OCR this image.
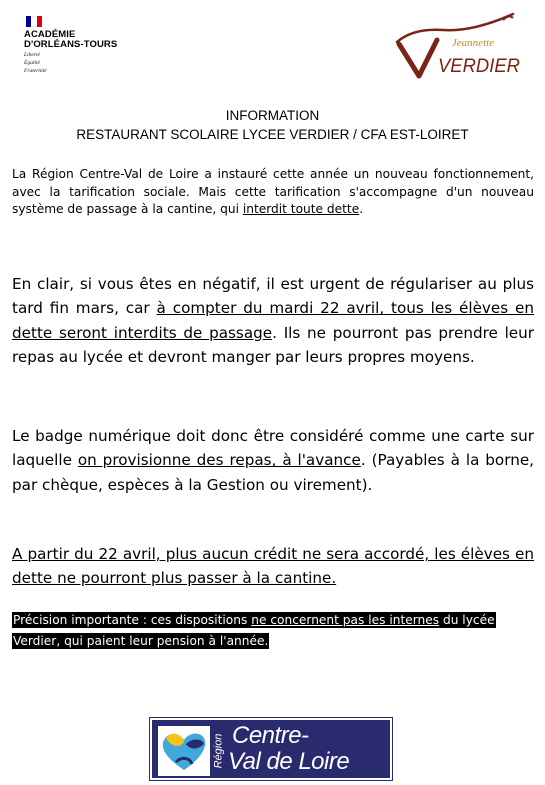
ACADÉMIE
D'ORLÉANS-TOURS
Liberté
Égalité
Fraternité
Jeannette
VERDIER
INFORMATION
RESTAURANT SCOLAIRE LYCEE VERDIER / CFA EST-LOIRET
La Région Centre-Val de Loire a instauré cette année un nouveau fonctionnement, avec la tarification sociale. Mais cette tarification s'accompagne d'un nouveau système de passage à la cantine, qui interdit toute dette.
En clair, si vous êtes en négatif, il est urgent de régulariser au plus tard fin mars, car à compter du mardi 22 avril, tous les élèves en dette seront interdits de passage. Ils ne pourront pas prendre leur repas au lycée et devront manger par leurs propres moyens.
Le badge numérique doit donc être considéré comme une carte sur laquelle on provisionne des repas, à l'avance. (Payables à la borne, par chèque, espèces à la Gestion ou virement).
A partir du 22 avril, plus aucun crédit ne sera accordé, les élèves en dette ne pourront plus passer à la cantine.
Précision importante : ces dispositions ne concernent pas les internes du lycée Verdier, qui paient leur pension à l'année.
Région Centre-
Val de Loire
